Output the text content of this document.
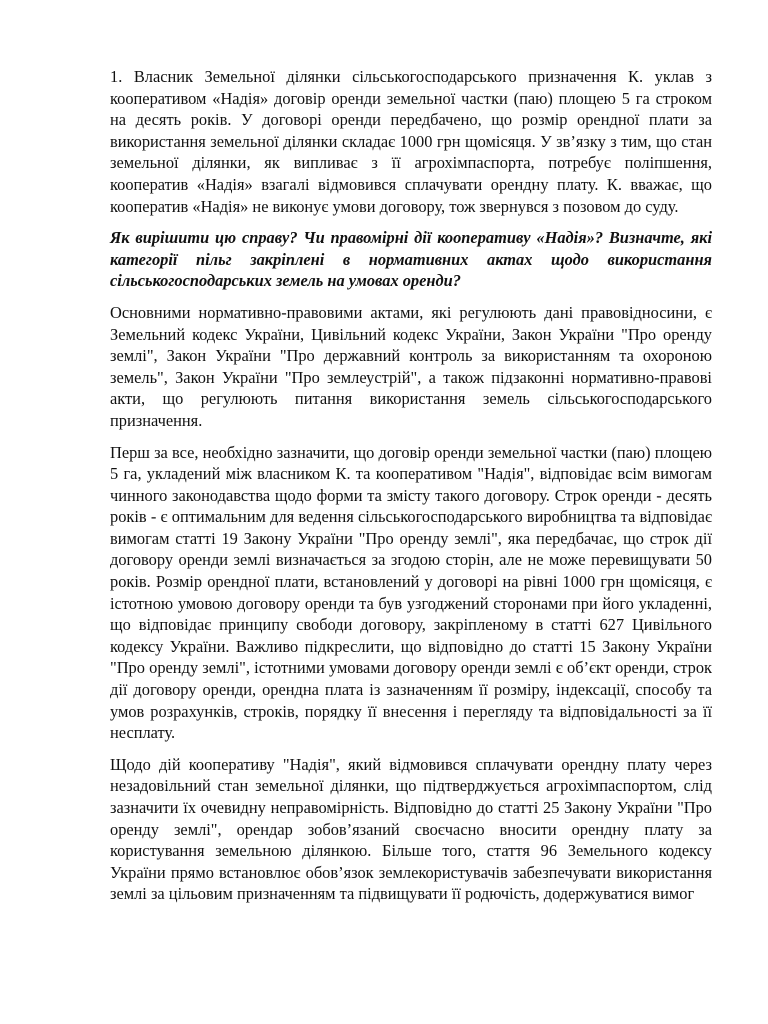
1. Власник Земельної ділянки сільськогосподарського призначення К. уклав з кооперативом «Надія» договір оренди земельної частки (паю) площею 5 га строком на десять років. У договорі оренди передбачено, що розмір орендної плати за використання земельної ділянки складає 1000 грн щомісяця. У зв’язку з тим, що стан земельної ділянки, як випливає з її агрохімпаспорта, потребує поліпшення, кооператив «Надія» взагалі відмовився сплачувати орендну плату. К. вважає, що кооператив «Надія» не виконує умови договору, тож звернувся з позовом до суду.

Як вирішити цю справу? Чи правомірні дії кооперативу «Надія»? Визначте, які категорії пільг закріплені в нормативних актах щодо використання сільськогосподарських земель на умовах оренди?

Основними нормативно-правовими актами, які регулюють дані правовідносини, є Земельний кодекс України, Цивільний кодекс України, Закон України "Про оренду землі", Закон України "Про державний контроль за використанням та охороною земель", Закон України "Про землеустрій", а також підзаконні нормативно-правові акти, що регулюють питання використання земель сільськогосподарського призначення.

Перш за все, необхідно зазначити, що договір оренди земельної частки (паю) площею 5 га, укладений між власником К. та кооперативом "Надія", відповідає всім вимогам чинного законодавства щодо форми та змісту такого договору. Строк оренди - десять років - є оптимальним для ведення сільськогосподарського виробництва та відповідає вимогам статті 19 Закону України "Про оренду землі", яка передбачає, що строк дії договору оренди землі визначається за згодою сторін, але не може перевищувати 50 років. Розмір орендної плати, встановлений у договорі на рівні 1000 грн щомісяця, є істотною умовою договору оренди та був узгоджений сторонами при його укладенні, що відповідає принципу свободи договору, закріпленому в статті 627 Цивільного кодексу України. Важливо підкреслити, що відповідно до статті 15 Закону України "Про оренду землі", істотними умовами договору оренди землі є об’єкт оренди, строк дії договору оренди, орендна плата із зазначенням її розміру, індексації, способу та умов розрахунків, строків, порядку її внесення і перегляду та відповідальності за її несплату.

Щодо дій кооперативу "Надія", який відмовився сплачувати орендну плату через незадовільний стан земельної ділянки, що підтверджується агрохімпаспортом, слід зазначити їх очевидну неправомірність. Відповідно до статті 25 Закону України "Про оренду землі", орендар зобов’язаний своєчасно вносити орендну плату за користування земельною ділянкою. Більше того, стаття 96 Земельного кодексу України прямо встановлює обов’язок землекористувачів забезпечувати використання землі за цільовим призначенням та підвищувати її родючість, додержуватися вимог
